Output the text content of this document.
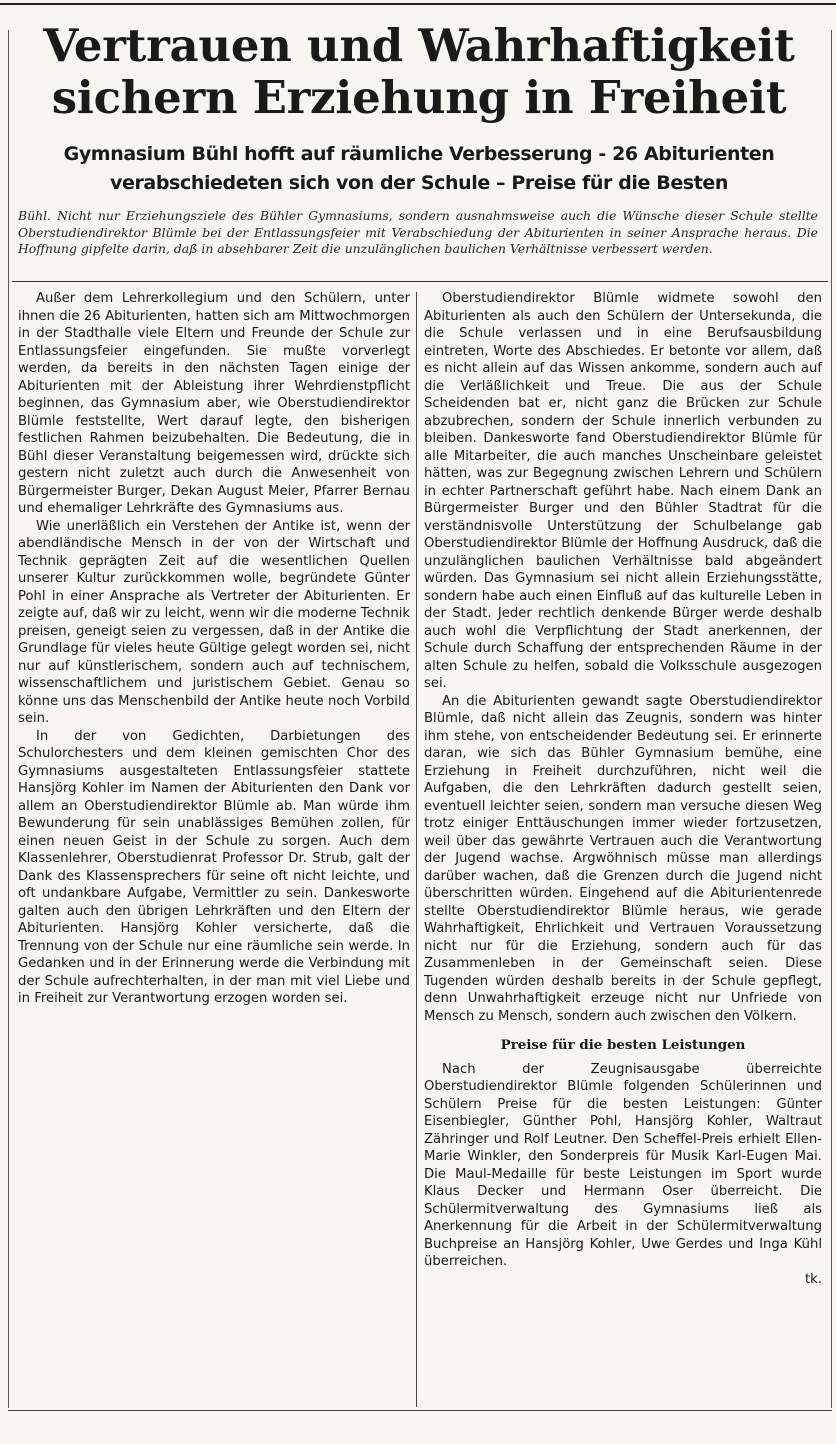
Vertrauen und Wahrhaftigkeit sichern Erziehung in Freiheit
Gymnasium Bühl hofft auf räumliche Verbesserung - 26 Abiturienten verabschiedeten sich von der Schule – Preise für die Besten

Bühl. Nicht nur Erziehungsziele des Bühler Gymnasiums, sondern ausnahmsweise auch die Wünsche dieser Schule stellte Oberstudiendirektor Blümle bei der Entlassungsfeier mit Verabschiedung der Abiturienten in seiner Ansprache heraus. Die Hoffnung gipfelte darin, daß in absehbarer Zeit die unzulänglichen baulichen Verhältnisse verbessert werden.

Außer dem Lehrerkollegium und den Schülern, unter ihnen die 26 Abiturienten, hatten sich am Mittwochmorgen in der Stadthalle viele Eltern und Freunde der Schule zur Entlassungsfeier eingefunden. Sie mußte vorverlegt werden, da bereits in den nächsten Tagen einige der Abiturienten mit der Ableistung ihrer Wehrdienstpflicht beginnen, das Gymnasium aber, wie Oberstudiendirektor Blümle feststellte, Wert darauf legte, den bisherigen festlichen Rahmen beizubehalten. Die Bedeutung, die in Bühl dieser Veranstaltung beigemessen wird, drückte sich gestern nicht zuletzt auch durch die Anwesenheit von Bürgermeister Burger, Dekan August Meier, Pfarrer Bernau und ehemaliger Lehrkräfte des Gymnasiums aus.

Wie unerläßlich ein Verstehen der Antike ist, wenn der abendländische Mensch in der von der Wirtschaft und Technik geprägten Zeit auf die wesentlichen Quellen unserer Kultur zurückkommen wolle, begründete Günter Pohl in einer Ansprache als Vertreter der Abiturienten. Er zeigte auf, daß wir zu leicht, wenn wir die moderne Technik preisen, geneigt seien zu vergessen, daß in der Antike die Grundlage für vieles heute Gültige gelegt worden sei, nicht nur auf künstlerischem, sondern auch auf technischem, wissenschaftlichem und juristischem Gebiet. Genau so könne uns das Menschenbild der Antike heute noch Vorbild sein.

In der von Gedichten, Darbietungen des Schulorchesters und dem kleinen gemischten Chor des Gymnasiums ausgestalteten Entlassungsfeier stattete Hansjörg Kohler im Namen der Abiturienten den Dank vor allem an Oberstudiendirektor Blümle ab. Man würde ihm Bewunderung für sein unablässiges Bemühen zollen, für einen neuen Geist in der Schule zu sorgen. Auch dem Klassenlehrer, Oberstudienrat Professor Dr. Strub, galt der Dank des Klassensprechers für seine oft nicht leichte, und oft undankbare Aufgabe, Vermittler zu sein. Dankesworte galten auch den übrigen Lehrkräften und den Eltern der Abiturienten. Hansjörg Kohler versicherte, daß die Trennung von der Schule nur eine räumliche sein werde. In Gedanken und in der Erinnerung werde die Verbindung mit der Schule aufrechterhalten, in der man mit viel Liebe und in Freiheit zur Verantwortung erzogen worden sei.

Oberstudiendirektor Blümle widmete sowohl den Abiturienten als auch den Schülern der Untersekunda, die die Schule verlassen und in eine Berufsausbildung eintreten, Worte des Abschiedes. Er betonte vor allem, daß es nicht allein auf das Wissen ankomme, sondern auch auf die Verläßlichkeit und Treue. Die aus der Schule Scheidenden bat er, nicht ganz die Brücken zur Schule abzubrechen, sondern der Schule innerlich verbunden zu bleiben. Dankesworte fand Oberstudiendirektor Blümle für alle Mitarbeiter, die auch manches Unscheinbare geleistet hätten, was zur Begegnung zwischen Lehrern und Schülern in echter Partnerschaft geführt habe. Nach einem Dank an Bürgermeister Burger und den Bühler Stadtrat für die verständnisvolle Unterstützung der Schulbelange gab Oberstudiendirektor Blümle der Hoffnung Ausdruck, daß die unzulänglichen baulichen Verhältnisse bald abgeändert würden. Das Gymnasium sei nicht allein Erziehungsstätte, sondern habe auch einen Einfluß auf das kulturelle Leben in der Stadt. Jeder rechtlich denkende Bürger werde deshalb auch wohl die Verpflichtung der Stadt anerkennen, der Schule durch Schaffung der entsprechenden Räume in der alten Schule zu helfen, sobald die Volksschule ausgezogen sei.

An die Abiturienten gewandt sagte Oberstudiendirektor Blümle, daß nicht allein das Zeugnis, sondern was hinter ihm stehe, von entscheidender Bedeutung sei. Er erinnerte daran, wie sich das Bühler Gymnasium bemühe, eine Erziehung in Freiheit durchzuführen, nicht weil die Aufgaben, die den Lehrkräften dadurch gestellt seien, eventuell leichter seien, sondern man versuche diesen Weg trotz einiger Enttäuschungen immer wieder fortzusetzen, weil über das gewährte Vertrauen auch die Verantwortung der Jugend wachse. Argwöhnisch müsse man allerdings darüber wachen, daß die Grenzen durch die Jugend nicht überschritten würden. Eingehend auf die Abiturientenrede stellte Oberstudiendirektor Blümle heraus, wie gerade Wahrhaftigkeit, Ehrlichkeit und Vertrauen Voraussetzung nicht nur für die Erziehung, sondern auch für das Zusammenleben in der Gemeinschaft seien. Diese Tugenden würden deshalb bereits in der Schule gepflegt, denn Unwahrhaftigkeit erzeuge nicht nur Unfriede von Mensch zu Mensch, sondern auch zwischen den Völkern.

Preise für die besten Leistungen

Nach der Zeugnisausgabe überreichte Oberstudiendirektor Blümle folgenden Schülerinnen und Schülern Preise für die besten Leistungen: Günter Eisenbiegler, Günther Pohl, Hansjörg Kohler, Waltraut Zähringer und Rolf Leutner. Den Scheffel-Preis erhielt Ellen-Marie Winkler, den Sonderpreis für Musik Karl-Eugen Mai. Die Maul-Medaille für beste Leistungen im Sport wurde Klaus Decker und Hermann Oser überreicht. Die Schülermitverwaltung des Gymnasiums ließ als Anerkennung für die Arbeit in der Schülermitverwaltung Buchpreise an Hansjörg Kohler, Uwe Gerdes und Inga Kühl überreichen.

tk.
